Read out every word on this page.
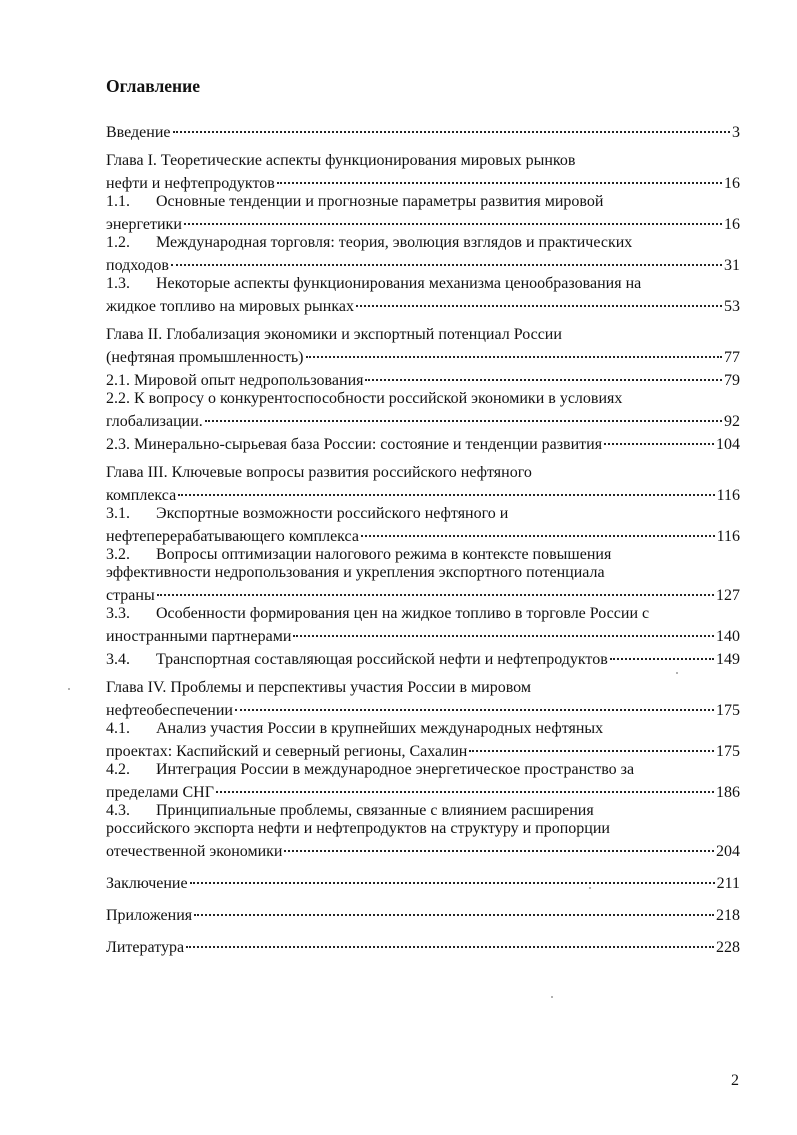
Оглавление
Введение	3
Глава I. Теоретические аспекты функционирования мировых рынков
нефти и нефтепродуктов	16
1.1. Основные тенденции и прогнозные параметры развития мировой
энергетики	16
1.2. Международная торговля: теория, эволюция взглядов и практических
подходов	31
1.3. Некоторые аспекты функционирования механизма ценообразования на
жидкое топливо на мировых рынках	53
Глава II. Глобализация экономики и экспортный потенциал России
(нефтяная промышленность)	77
2.1. Мировой опыт недропользования	79
2.2. К вопросу о конкурентоспособности российской экономики в условиях
глобализации.	92
2.3. Минерально-сырьевая база России: состояние и тенденции развития	104
Глава III. Ключевые вопросы развития российского нефтяного
комплекса	116
3.1. Экспортные возможности российского нефтяного и
нефтеперерабатывающего комплекса	116
3.2. Вопросы оптимизации налогового режима в контексте повышения
эффективности недропользования и укрепления экспортного потенциала
страны	127
3.3. Особенности формирования цен на жидкое топливо в торговле России с
иностранными партнерами	140
3.4.	Транспортная составляющая российской нефти и нефтепродуктов	149
Глава IV. Проблемы и перспективы участия России в мировом
нефтеобеспечении	175
4.1. Анализ участия России в крупнейших международных нефтяных
проектах: Каспийский и северный регионы, Сахалин	175
4.2. Интеграция России в международное энергетическое пространство за
пределами СНГ	186
4.3. Принципиальные проблемы, связанные с влиянием расширения
российского экспорта нефти и нефтепродуктов на структуру и пропорции
отечественной экономики	204
Заключение	211
Приложения	218
Литература	228
2
